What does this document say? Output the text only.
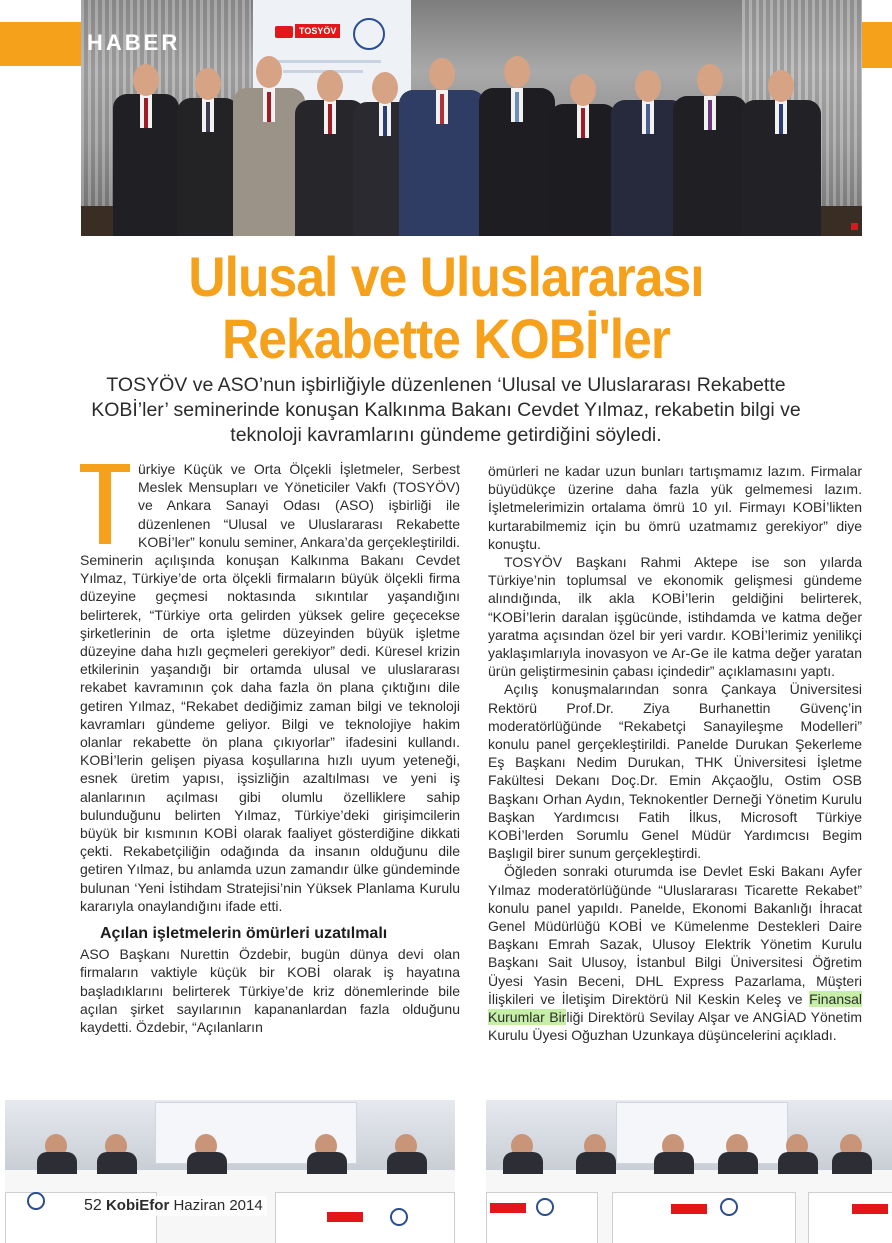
TOSYÖV
HABER
Ulusal ve Uluslararası
Rekabette KOBİ'ler
TOSYÖV ve ASO’nun işbirliğiyle düzenlenen ‘Ulusal ve Uluslararası Rekabette KOBİ’ler’ seminerinde konuşan Kalkınma Bakanı Cevdet Yılmaz, rekabetin bilgi ve teknoloji kavramlarını gündeme getirdiğini söyledi.

ürkiye Küçük ve Orta Ölçekli İşletmeler, Serbest Meslek Mensupları ve Yöneticiler Vakfı (TOSYÖV) ve Ankara Sanayi Odası (ASO) işbirliği ile düzenlenen “Ulusal ve Uluslararası Rekabette KOBİ’ler” konulu seminer, Ankara’da gerçekleştirildi. Seminerin açılışında konuşan Kalkınma Bakanı Cevdet Yılmaz, Türkiye’de orta ölçekli firmaların büyük ölçekli firma düzeyine geçmesi noktasında sıkıntılar yaşandığını belirterek, “Türkiye orta gelirden yüksek gelire geçecekse şirketlerinin de orta işletme düzeyinden büyük işletme düzeyine daha hızlı geçmeleri gerekiyor” dedi. Küresel krizin etkilerinin yaşandığı bir ortamda ulusal ve uluslararası rekabet kavramının çok daha fazla ön plana çıktığını dile getiren Yılmaz, “Rekabet dediğimiz zaman bilgi ve teknoloji kavramları gündeme geliyor. Bilgi ve teknolojiye hakim olanlar rekabette ön plana çıkıyorlar” ifadesini kullandı. KOBİ’lerin gelişen piyasa koşullarına hızlı uyum yeteneği, esnek üretim yapısı, işsizliğin azaltılması ve yeni iş alanlarının açılması gibi olumlu özelliklere sahip bulunduğunu belirten Yılmaz, Türkiye’deki girişimcilerin büyük bir kısmının KOBİ olarak faaliyet gösterdiğine dikkati çekti. Rekabetçiliğin odağında da insanın olduğunu dile getiren Yılmaz, bu anlamda uzun zamandır ülke gündeminde bulunan ‘Yeni İstihdam Stratejisi’nin Yüksek Planlama Kurulu kararıyla onaylandığını ifade etti.

Açılan işletmelerin ömürleri uzatılmalı

ASO Başkanı Nurettin Özdebir, bugün dünya devi olan firmaların vaktiyle küçük bir KOBİ olarak iş hayatına başladıklarını belirterek Türkiye’de kriz dönemlerinde bile açılan şirket sayılarının kapananlardan fazla olduğunu kaydetti. Özdebir, “Açılanların

ömürleri ne kadar uzun bunları tartışmamız lazım. Firmalar büyüdükçe üzerine daha fazla yük gelmemesi lazım. İşletmelerimizin ortalama ömrü 10 yıl. Firmayı KOBİ’likten kurtarabilmemiz için bu ömrü uzatmamız gerekiyor” diye konuştu.

TOSYÖV Başkanı Rahmi Aktepe ise son yılarda Türkiye’nin toplumsal ve ekonomik gelişmesi gündeme alındığında, ilk akla KOBİ’lerin geldiğini belirterek, “KOBİ’lerin daralan işgücünde, istihdamda ve katma değer yaratma açısından özel bir yeri vardır. KOBİ’lerimiz yenilikçi yaklaşımlarıyla inovasyon ve Ar-Ge ile katma değer yaratan ürün geliştirmesinin çabası içindedir” açıklamasını yaptı.

Açılış konuşmalarından sonra Çankaya Üniversitesi Rektörü Prof.Dr. Ziya Burhanettin Güvenç’in moderatörlüğünde “Rekabetçi Sanayileşme Modelleri” konulu panel gerçekleştirildi. Panelde Durukan Şekerleme Eş Başkanı Nedim Durukan, THK Üniversitesi İşletme Fakültesi Dekanı Doç.Dr. Emin Akçaoğlu, Ostim OSB Başkanı Orhan Aydın, Teknokentler Derneği Yönetim Kurulu Başkan Yardımcısı Fatih İlkus, Microsoft Türkiye KOBİ’lerden Sorumlu Genel Müdür Yardımcısı Begim Başlıgil birer sunum gerçekleştirdi.

Öğleden sonraki oturumda ise Devlet Eski Bakanı Ayfer Yılmaz moderatörlüğünde “Uluslararası Ticarette Rekabet” konulu panel yapıldı. Panelde, Ekonomi Bakanlığı İhracat Genel Müdürlüğü KOBİ ve Kümelenme Destekleri Daire Başkanı Emrah Sazak, Ulusoy Elektrik Yönetim Kurulu Başkanı Sait Ulusoy, İstanbul Bilgi Üniversitesi Öğretim Üyesi Yasin Beceni, DHL Express Pazarlama, Müşteri İlişkileri ve İletişim Direktörü Nil Keskin Keleş ve Finansal Kurumlar Birliği Direktörü Sevilay Alşar ve ANGİAD Yönetim Kurulu Üyesi Oğuzhan Uzunkaya düşüncelerini açıkladı.

52 KobiEfor Haziran 2014
